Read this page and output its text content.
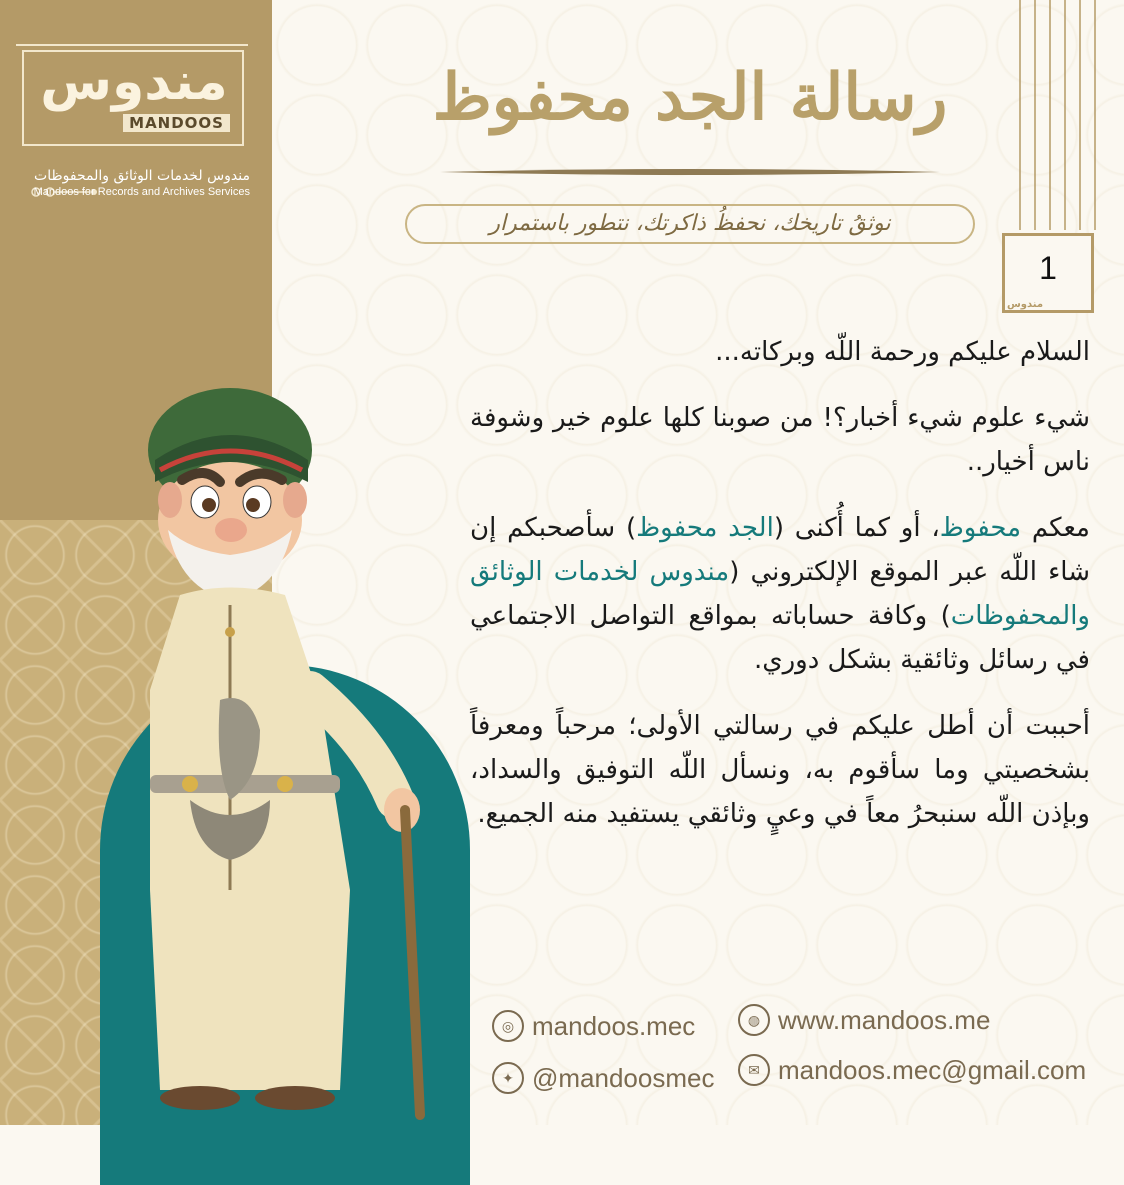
مندوس
MANDOOS
مندوس لخدمات الوثائق والمحفوظات
Mandoos for Records and Archives Services
رسالة الجد محفوظ
نوثقُ تاريخك، نحفظُ ذاكرتك، نتطور باستمرار
1
مندوس

السلام عليكم ورحمة اللّه وبركاته...

شيء علوم شيء أخبار؟! من صوبنا كلها علوم خير وشوفة ناس أخيار..

معكم محفوظ، أو كما أُكنى (الجد محفوظ) سأصحبكم إن شاء اللّه عبر الموقع الإلكتروني (مندوس لخدمات الوثائق والمحفوظات) وكافة حساباته بمواقع التواصل الاجتماعي في رسائل وثائقية بشكل دوري.

أحببت أن أطل عليكم في رسالتي الأولى؛ مرحباً ومعرفاً بشخصيتي وما سأقوم به، ونسأل اللّه التوفيق والسداد، وبإذن اللّه سنبحرُ معاً في وعيٍ وثائقي يستفيد منه الجميع.

◎ mandoos.mec	◍ www.mandoos.me
✦ @mandoosmec	✉ mandoos.mec@gmail.com
